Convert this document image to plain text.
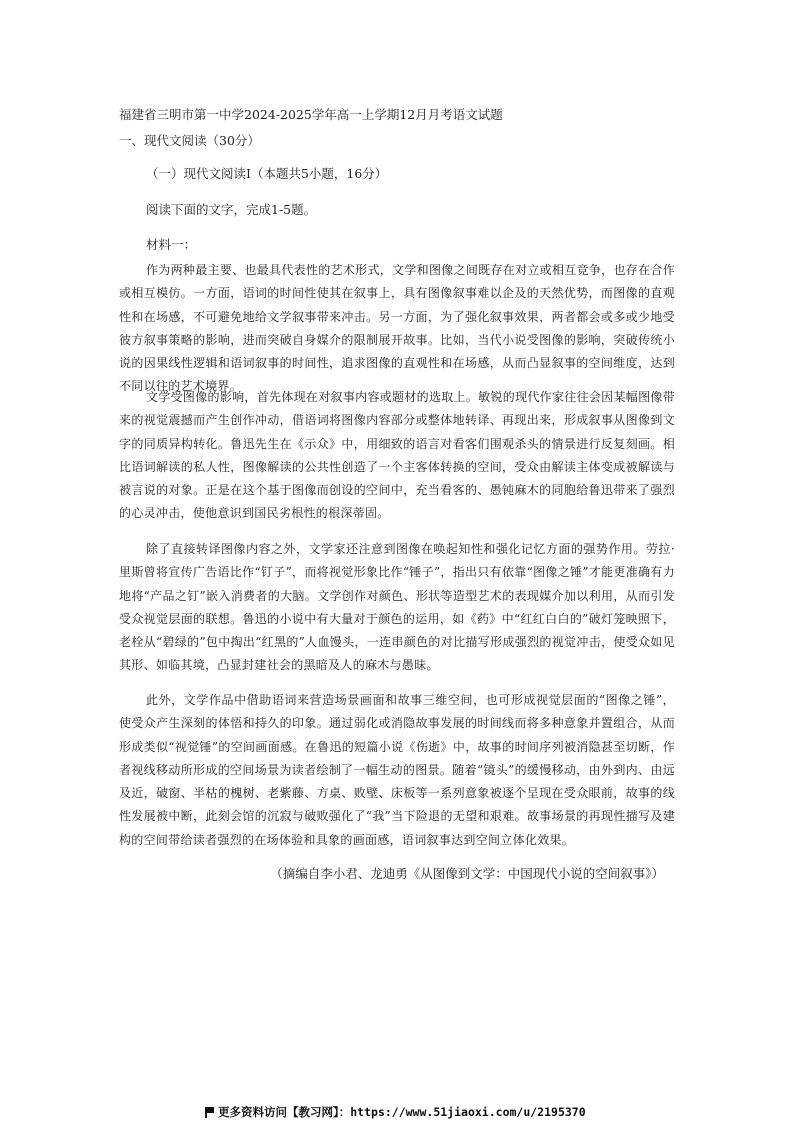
福建省三明市第一中学2024-2025学年高一上学期12月月考语文试题
一、现代文阅读（30分）
（一）现代文阅读Ⅰ（本题共5小题，16分）
阅读下面的文字，完成1-5题。
材料一：
作为两种最主要、也最具代表性的艺术形式，文学和图像之间既存在对立或相互竞争，也存在合作或相互模仿。一方面，语词的时间性使其在叙事上，具有图像叙事难以企及的天然优势，而图像的直观性和在场感，不可避免地给文学叙事带来冲击。另一方面，为了强化叙事效果，两者都会或多或少地受彼方叙事策略的影响，进而突破自身媒介的限制展开故事。比如，当代小说受图像的影响，突破传统小说的因果线性逻辑和语词叙事的时间性，追求图像的直观性和在场感，从而凸显叙事的空间维度，达到不同以往的艺术境界。
文学受图像的影响，首先体现在对叙事内容或题材的选取上。敏锐的现代作家往往会因某幅图像带来的视觉震撼而产生创作冲动，借语词将图像内容部分或整体地转译、再现出来，形成叙事从图像到文字的同质异构转化。鲁迅先生在《示众》中，用细致的语言对看客们围观杀头的情景进行反复刻画。相比语词解读的私人性，图像解读的公共性创造了一个主客体转换的空间，受众由解读主体变成被解读与被言说的对象。正是在这个基于图像而创设的空间中，充当看客的、愚钝麻木的同胞给鲁迅带来了强烈的心灵冲击，使他意识到国民劣根性的根深蒂固。
除了直接转译图像内容之外，文学家还注意到图像在唤起知性和强化记忆方面的强势作用。劳拉·里斯曾将宣传广告语比作“钉子”，而将视觉形象比作“锤子”，指出只有依靠“图像之锤”才能更准确有力地将“产品之钉”嵌入消费者的大脑。文学创作对颜色、形状等造型艺术的表现媒介加以利用，从而引发受众视觉层面的联想。鲁迅的小说中有大量对于颜色的运用，如《药》中“红红白白的”破灯笼映照下，老栓从“碧绿的”包中掏出“红黑的”人血馒头，一连串颜色的对比描写形成强烈的视觉冲击，使受众如见其形、如临其境，凸显封建社会的黑暗及人的麻木与愚昧。
此外，文学作品中借助语词来营造场景画面和故事三维空间，也可形成视觉层面的“图像之锤”，使受众产生深刻的体悟和持久的印象。通过弱化或消隐故事发展的时间线而将多种意象并置组合，从而形成类似“视觉锤”的空间画面感。在鲁迅的短篇小说《伤逝》中，故事的时间序列被消隐甚至切断，作者视线移动所形成的空间场景为读者绘制了一幅生动的图景。随着“镜头”的缓慢移动，由外到内、由远及近，破窗、半枯的槐树、老紫藤、方桌、败壁、床板等一系列意象被逐个呈现在受众眼前，故事的线性发展被中断，此刻会馆的沉寂与破败强化了“我”当下险退的无望和艰难。故事场景的再现性描写及建构的空间带给读者强烈的在场体验和具象的画面感，语词叙事达到空间立体化效果。
（摘编自李小君、龙迪勇《从图像到文学：中国现代小说的空间叙事》）
更多资料访问【教习网】：https://www.51jiaoxi.com/u/2195370
